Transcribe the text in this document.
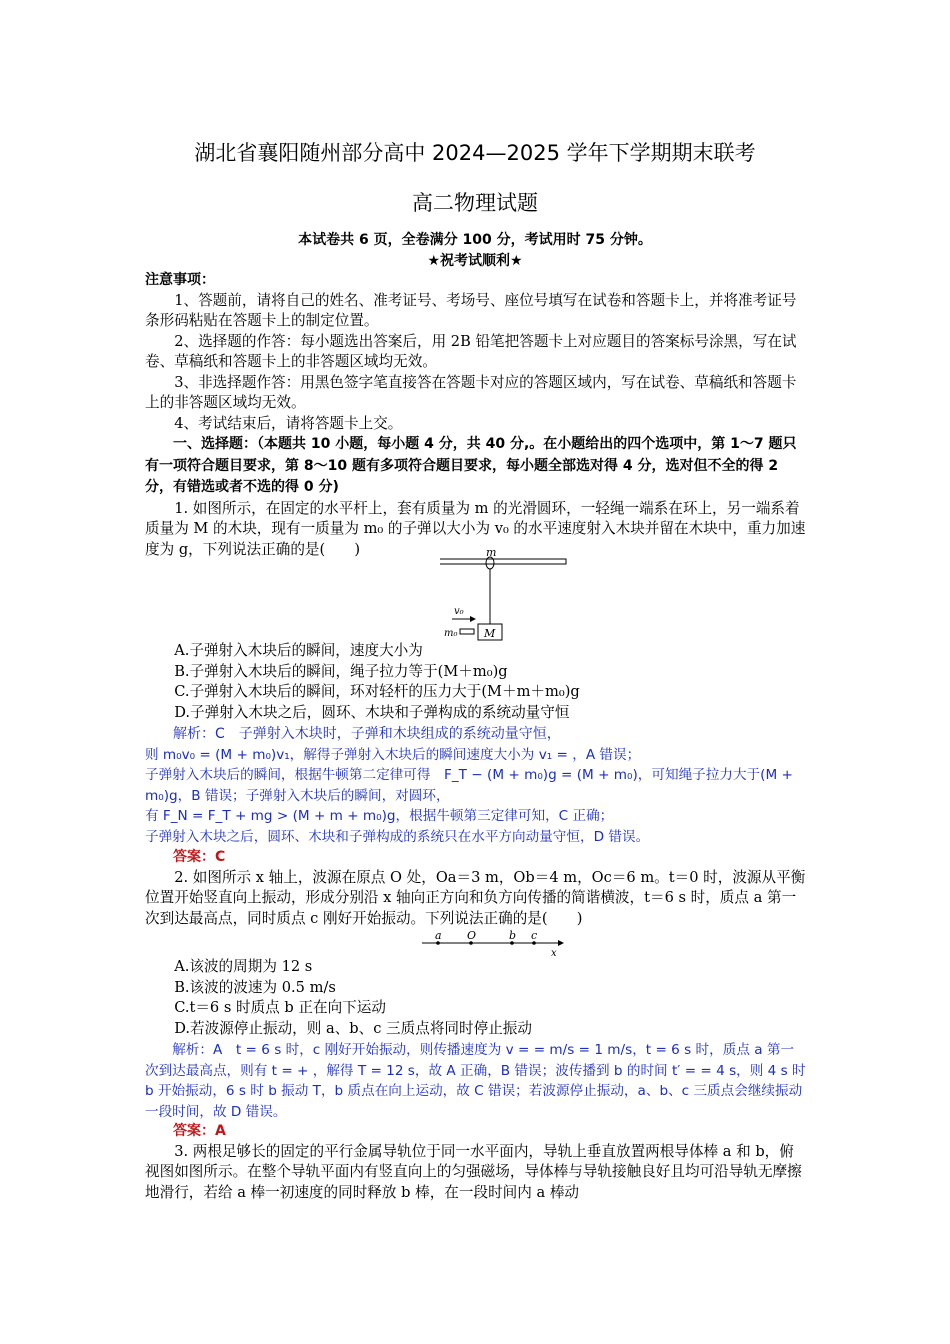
湖北省襄阳随州部分高中 2024—2025 学年下学期期末联考
高二物理试题
本试卷共 6 页，全卷满分 100 分，考试用时 75 分钟。
★祝考试顺利★

注意事项：

1、答题前，请将自己的姓名、准考证号、考场号、座位号填写在试卷和答题卡上，并将准考证号条形码粘贴在答题卡上的制定位置。

2、选择题的作答：每小题选出答案后，用 2B 铅笔把答题卡上对应题目的答案标号涂黑，写在试卷、草稿纸和答题卡上的非答题区域均无效。

3、非选择题作答：用黑色签字笔直接答在答题卡对应的答题区域内，写在试卷、草稿纸和答题卡上的非答题区域均无效。

4、考试结束后，请将答题卡上交。

一、选择题：（本题共 10 小题，每小题 4 分，共 40 分,。在小题给出的四个选项中，第 1～7 题只有一项符合题目要求，第 8～10 题有多项符合题目要求，每小题全部选对得 4 分，选对但不全的得 2 分，有错选或者不选的得 0 分)

1. 如图所示，在固定的水平杆上，套有质量为 m 的光滑圆环，一轻绳一端系在环上，另一端系着质量为 M 的木块，现有一质量为 m₀ 的子弹以大小为 v₀ 的水平速度射入木块并留在木块中，重力加速度为 g，下列说法正确的是(　　)	m
M
m₀
v₀

A.子弹射入木块后的瞬间，速度大小为

B.子弹射入木块后的瞬间，绳子拉力等于(M＋m₀)g

C.子弹射入木块后的瞬间，环对轻杆的压力大于(M＋m＋m₀)g

D.子弹射入木块之后，圆环、木块和子弹构成的系统动量守恒

解析：C　子弹射入木块时，子弹和木块组成的系统动量守恒，

则 m₀v₀ = (M + m₀)v₁，解得子弹射入木块后的瞬间速度大小为 v₁ = ，A 错误；

子弹射入木块后的瞬间，根据牛顿第二定律可得　F_T − (M + m₀)g = (M + m₀)，可知绳子拉力大于(M + m₀)g，B 错误；子弹射入木块后的瞬间，对圆环，

有 F_N = F_T + mg > (M + m + m₀)g，根据牛顿第三定律可知，C 正确；

子弹射入木块之后，圆环、木块和子弹构成的系统只在水平方向动量守恒，D 错误。

答案：C

2. 如图所示 x 轴上，波源在原点 O 处，Oa＝3 m，Ob＝4 m，Oc＝6 m。t＝0 时，波源从平衡位置开始竖直向上振动，形成分别沿 x 轴向正方向和负方向传播的简谐横波，t＝6 s 时，质点 a 第一次到达最高点，同时质点 c 刚好开始振动。下列说法正确的是(　　)

a O	b c
x

A.该波的周期为 12 s

B.该波的波速为 0.5 m/s

C.t＝6 s 时质点 b 正在向下运动

D.若波源停止振动，则 a、b、c 三质点将同时停止振动

解析：A　t = 6 s 时，c 刚好开始振动，则传播速度为 v = = m/s = 1 m/s，t = 6 s 时，质点 a 第一次到达最高点，则有 t = + ，解得 T = 12 s，故 A 正确，B 错误；波传播到 b 的时间 t′ = = 4 s，则 4 s 时 b 开始振动，6 s 时 b 振动 T，b 质点在向上运动，故 C 错误；若波源停止振动，a、b、c 三质点会继续振动一段时间，故 D 错误。

答案：A

3. 两根足够长的固定的平行金属导轨位于同一水平面内，导轨上垂直放置两根导体棒 a 和 b，俯视图如图所示。在整个导轨平面内有竖直向上的匀强磁场，导体棒与导轨接触良好且均可沿导轨无摩擦地滑行，若给 a 棒一初速度的同时释放 b 棒，在一段时间内 a 棒动
